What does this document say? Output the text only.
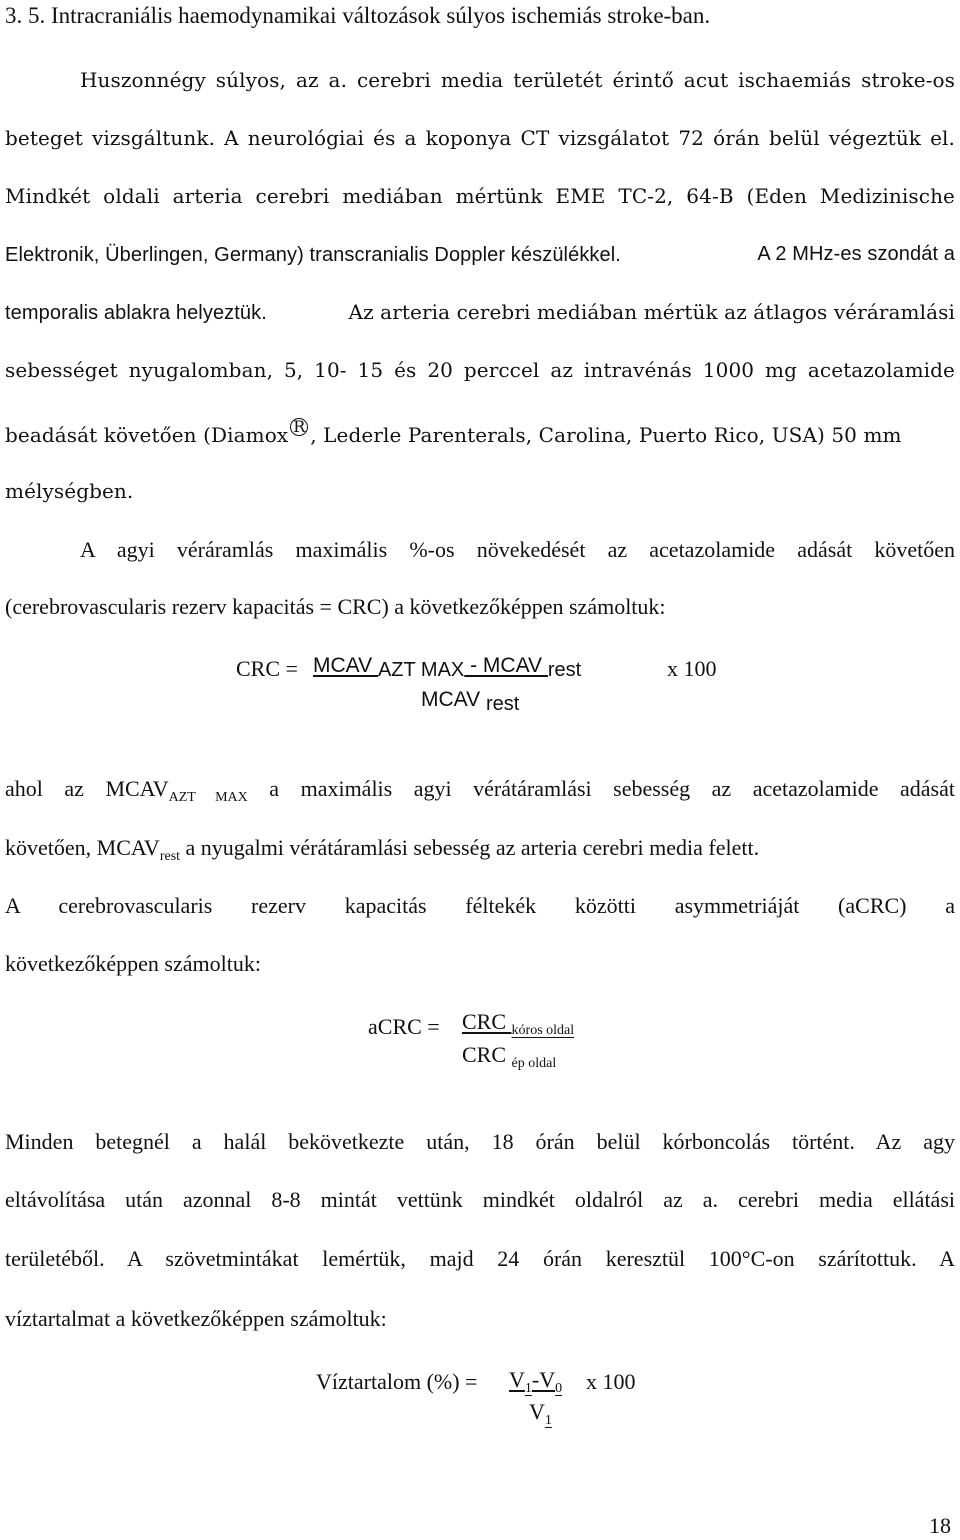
3. 5. Intracraniális haemodynamikai változások súlyos ischemiás stroke-ban.
Huszonnégy súlyos, az a. cerebri media területét érintő acut ischaemiás stroke-os
beteget vizsgáltunk. A neurológiai és a koponya CT vizsgálatot 72 órán belül végeztük el.
Mindkét oldali arteria cerebri mediában mértünk EME TC-2, 64-B (Eden Medizinische
Elektronik, Überlingen, Germany) transcranialis Doppler készülékkel.	A 2 MHz-es szondát a
temporalis ablakra helyeztük.	Az arteria cerebri mediában mértük az átlagos véráramlási
sebességet nyugalomban, 5, 10- 15 és 20 perccel az intravénás 1000 mg acetazolamide
beadását követően (Diamox R , Lederle Parenterals, Carolina, Puerto Rico, USA) 50 mm
mélységben.
A agyi véráramlás maximális %-os növekedését az acetazolamide adását követően
(cerebrovascularis rezerv kapacitás = CRC) a következőképpen számoltuk:
CRC = MCAV AZT MAX - MCAV rest	x 100
MCAV rest
ahol az $MCAV_{AZT MAX}$ a maximális agyi vérátáramlási sebesség az acetazolamide adását
követően, $MCAV_{rest}$ a nyugalmi vérátáramlási sebesség az arteria cerebri media felett.
A cerebrovascularis rezerv kapacitás féltekék közötti asymmetriáját (aCRC) a
következőképpen számoltuk:
aCRC = CRC $_{kóros oldal}$
CRC $_{ép oldal}$
Minden betegnél a halál bekövetkezte után, 18 órán belül kórboncolás történt. Az agy
eltávolítása után azonnal 8-8 mintát vettünk mindkét oldalról az a. cerebri media ellátási
területéből. A szövetmintákat lemértük, majd 24 órán keresztül 100°C-on szárítottuk. A
víztartalmat a következőképpen számoltuk:
Víztartalom (%) = $V_1-V_0$ x 100
$V_1$
18
